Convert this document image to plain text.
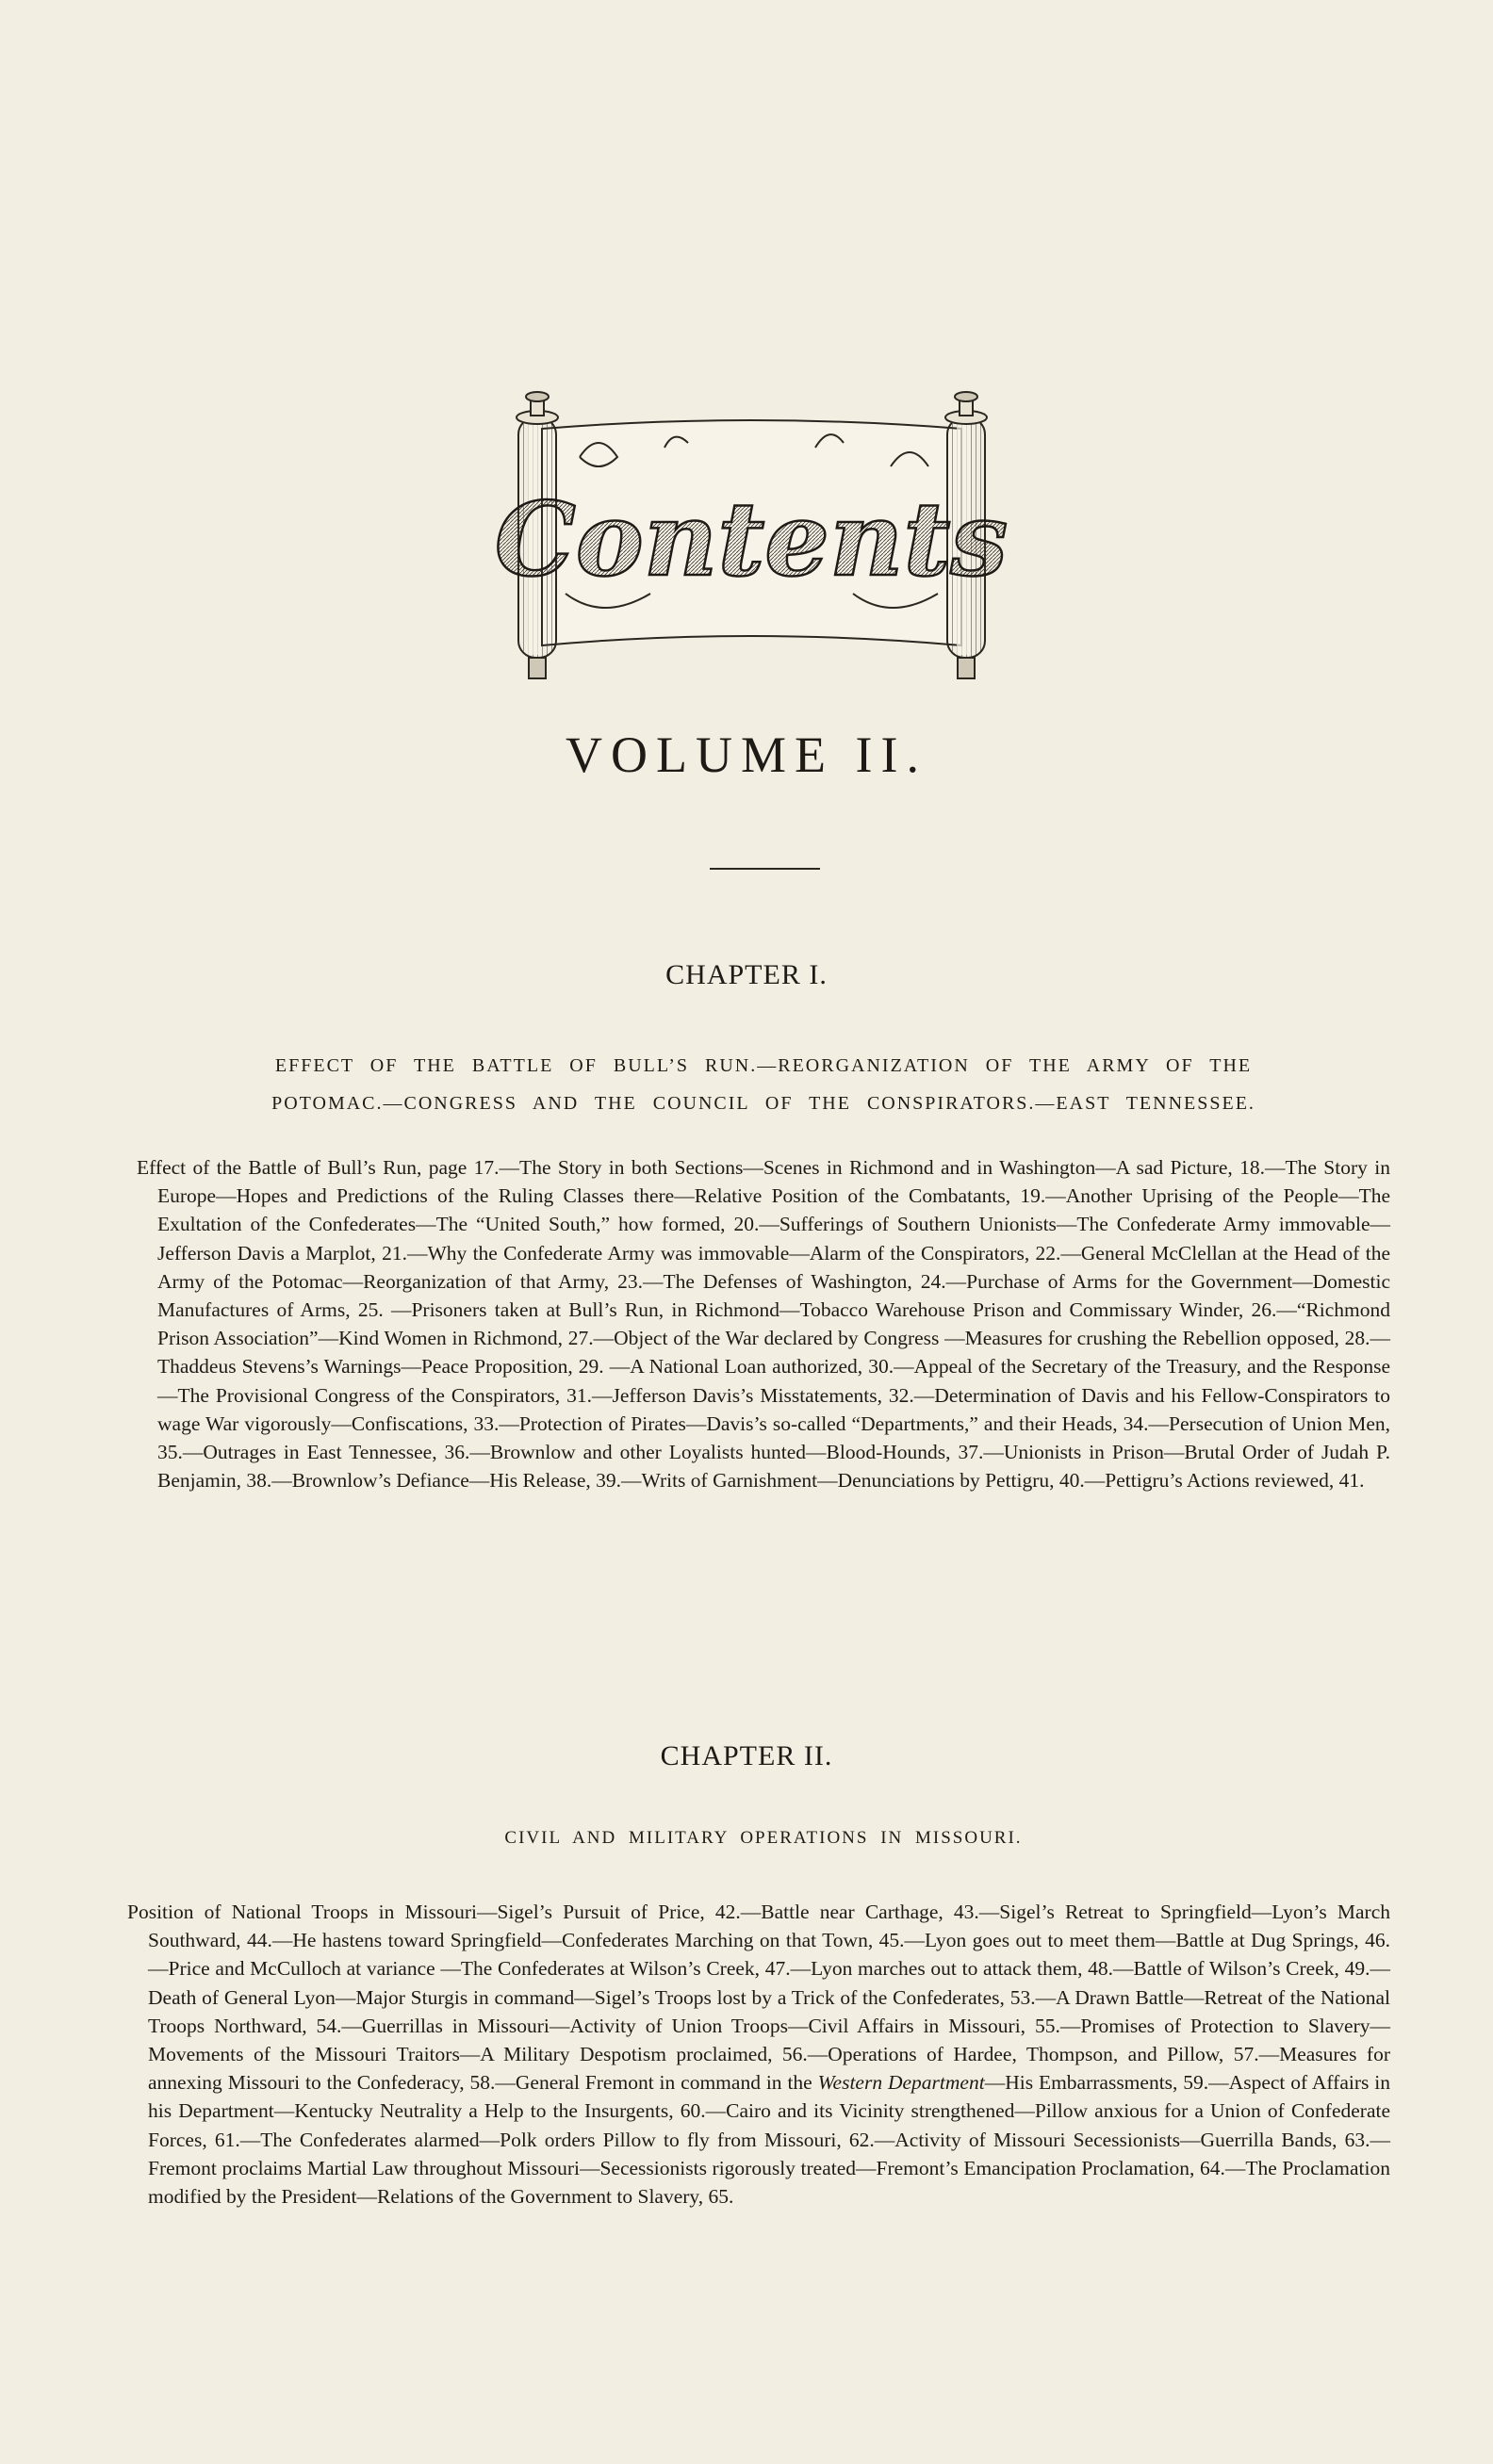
Contents
VOLUME II.
CHAPTER I.
EFFECT OF THE BATTLE OF BULL’S RUN.—REORGANIZATION OF THE ARMY OF THE
POTOMAC.—CONGRESS AND THE COUNCIL OF THE CONSPIRATORS.—EAST TENNESSEE.

Effect of the Battle of Bull’s Run, page 17.—The Story in both Sections—Scenes in Richmond and in Washington—A sad Picture, 18.—The Story in Europe—Hopes and Predictions of the Ruling Classes there—Relative Position of the Combatants, 19.—Another Uprising of the People—The Exultation of the Confederates—The “United South,” how formed, 20.—Sufferings of Southern Unionists—The Confederate Army immovable—Jefferson Davis a Marplot, 21.—Why the Confederate Army was immovable—Alarm of the Conspirators, 22.—General McClellan at the Head of the Army of the Potomac—Reorganization of that Army, 23.—The Defenses of Washington, 24.—Purchase of Arms for the Government—Domestic Manufactures of Arms, 25. —Prisoners taken at Bull’s Run, in Richmond—Tobacco Warehouse Prison and Commissary Winder, 26.—“Richmond Prison Association”—Kind Women in Richmond, 27.—Object of the War declared by Congress —Measures for crushing the Rebellion opposed, 28.—Thaddeus Stevens’s Warnings—Peace Proposition, 29. —A National Loan authorized, 30.—Appeal of the Secretary of the Treasury, and the Response—The Provisional Congress of the Conspirators, 31.—Jefferson Davis’s Misstatements, 32.—Determination of Davis and his Fellow-Conspirators to wage War vigorously—Confiscations, 33.—Protection of Pirates—Davis’s so-called “Departments,” and their Heads, 34.—Persecution of Union Men, 35.—Outrages in East Tennessee, 36.—Brownlow and other Loyalists hunted—Blood-Hounds, 37.—Unionists in Prison—Brutal Order of Judah P. Benjamin, 38.—Brownlow’s Defiance—His Release, 39.—Writs of Garnishment—Denunciations by Pettigru, 40.—Pettigru’s Actions reviewed, 41.

CHAPTER II.
CIVIL AND MILITARY OPERATIONS IN MISSOURI.

Position of National Troops in Missouri—Sigel’s Pursuit of Price, 42.—Battle near Carthage, 43.—Sigel’s Retreat to Springfield—Lyon’s March Southward, 44.—He hastens toward Springfield—Confederates Marching on that Town, 45.—Lyon goes out to meet them—Battle at Dug Springs, 46.—Price and McCulloch at variance —The Confederates at Wilson’s Creek, 47.—Lyon marches out to attack them, 48.—Battle of Wilson’s Creek, 49.—Death of General Lyon—Major Sturgis in command—Sigel’s Troops lost by a Trick of the Confederates, 53.—A Drawn Battle—Retreat of the National Troops Northward, 54.—Guerrillas in Missouri—Activity of Union Troops—Civil Affairs in Missouri, 55.—Promises of Protection to Slavery—Movements of the Missouri Traitors—A Military Despotism proclaimed, 56.—Operations of Hardee, Thompson, and Pillow, 57.—Measures for annexing Missouri to the Confederacy, 58.—General Fremont in command in the Western Department—His Embarrassments, 59.—Aspect of Affairs in his Department—Kentucky Neutrality a Help to the Insurgents, 60.—Cairo and its Vicinity strengthened—Pillow anxious for a Union of Confederate Forces, 61.—The Confederates alarmed—Polk orders Pillow to fly from Missouri, 62.—Activity of Missouri Secessionists—Guerrilla Bands, 63.—Fremont proclaims Martial Law throughout Missouri—Secessionists rigorously treated—Fremont’s Emancipation Proclamation, 64.—The Proclamation modified by the President—Relations of the Government to Slavery, 65.
